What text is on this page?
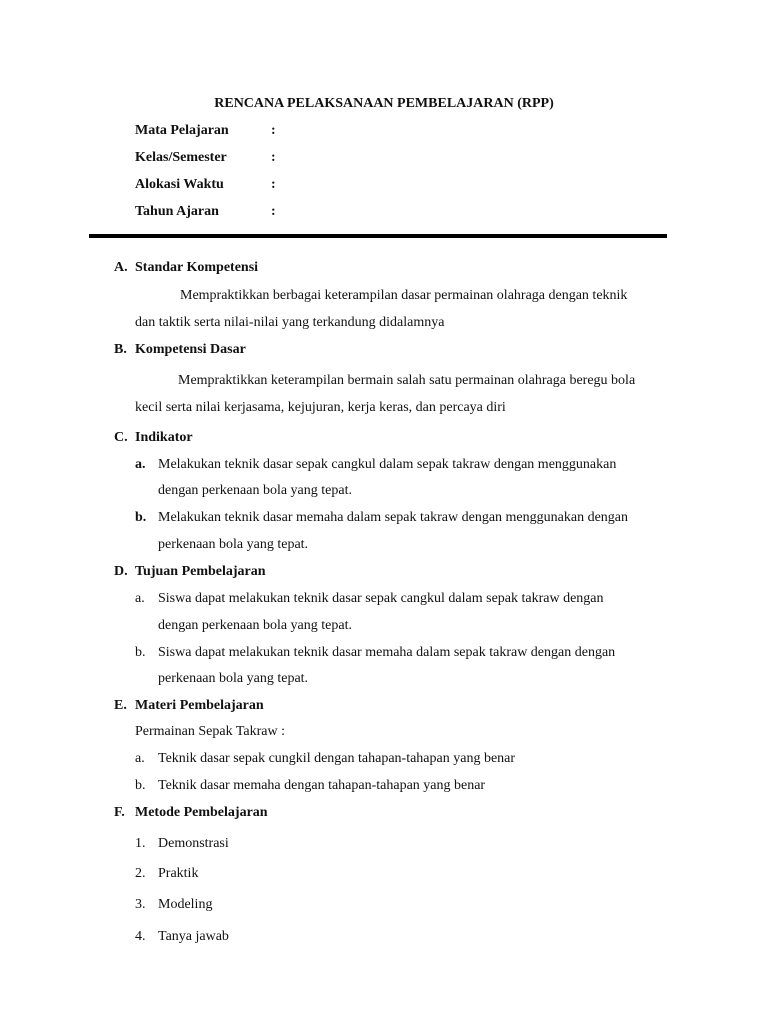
RENCANA PELAKSANAAN PEMBELAJARAN (RPP)
Mata Pelajaran	:
Kelas/Semester	:
Alokasi Waktu	:
Tahun Ajaran	:
A. Standar Kompetensi
Mempraktikkan berbagai keterampilan dasar permainan olahraga dengan teknik
dan taktik serta nilai-nilai yang terkandung didalamnya
B. Kompetensi Dasar
Mempraktikkan keterampilan bermain salah satu permainan olahraga beregu bola
kecil serta nilai kerjasama, kejujuran, kerja keras, dan percaya diri
C. Indikator
a. Melakukan teknik dasar sepak cangkul dalam sepak takraw dengan menggunakan
dengan perkenaan bola yang tepat.
b. Melakukan teknik dasar memaha dalam sepak takraw dengan menggunakan dengan
perkenaan bola yang tepat.
D. Tujuan Pembelajaran
a. Siswa dapat melakukan teknik dasar sepak cangkul dalam sepak takraw dengan
dengan perkenaan bola yang tepat.
b. Siswa dapat melakukan teknik dasar memaha dalam sepak takraw dengan dengan
perkenaan bola yang tepat.
E. Materi Pembelajaran
Permainan Sepak Takraw :
a. Teknik dasar sepak cungkil dengan tahapan-tahapan yang benar
b. Teknik dasar memaha dengan tahapan-tahapan yang benar
F. Metode Pembelajaran
1. Demonstrasi
2. Praktik
3. Modeling
4. Tanya jawab
